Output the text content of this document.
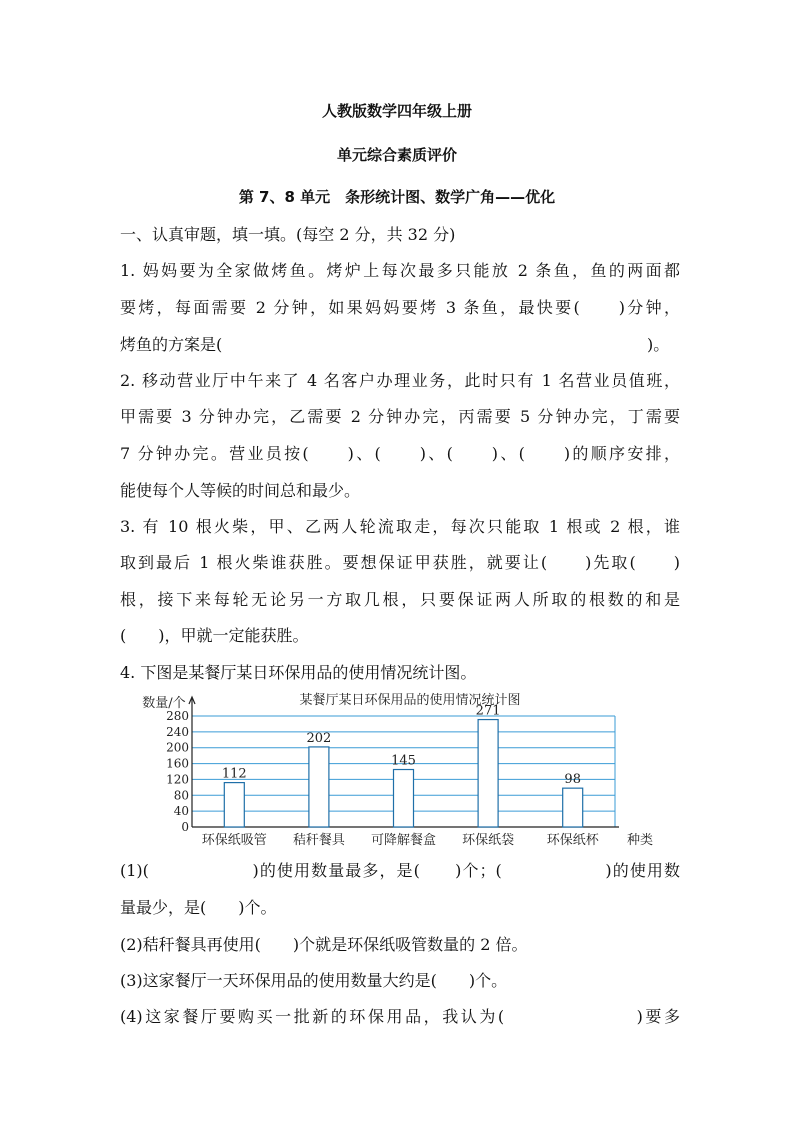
人教版数学四年级上册
单元综合素质评价
第 7、8 单元　条形统计图、数学广角——优化
一、认真审题，填一填。(每空 2 分，共 32 分)
1. 妈妈要为全家做烤鱼。烤炉上每次最多只能放 2 条鱼，鱼的两面都
要烤，每面需要 2 分钟，如果妈妈要烤 3 条鱼，最快要(　　)分钟，
烤鱼的方案是(	)。
2. 移动营业厅中午来了 4 名客户办理业务，此时只有 1 名营业员值班，
甲需要 3 分钟办完，乙需要 2 分钟办完，丙需要 5 分钟办完，丁需要
7 分钟办完。营业员按(　　)、(　　)、(　　)、(　　)的顺序安排，
能使每个人等候的时间总和最少。
3. 有 10 根火柴，甲、乙两人轮流取走，每次只能取 1 根或 2 根，谁
取到最后 1 根火柴谁获胜。要想保证甲获胜，就要让(　　)先取(　　)
根，接下来每轮无论另一方取几根，只要保证两人所取的根数的和是
(　　)，甲就一定能获胜。
4. 下图是某餐厅某日环保用品的使用情况统计图。
0
40
80
120
160
200
240
280
数量/个	某餐厅某日环保用品的使用情况统计图
112
环保纸吸管
202
秸秆餐具
145
可降解餐盒
271
环保纸袋
98
环保纸杯 种类
(1)(　　　　　　)的使用数量最多，是(　　)个；(　　　　　　)的使用数
量最少，是(　　)个。
(2)秸秆餐具再使用(　　)个就是环保纸吸管数量的 2 倍。
(3)这家餐厅一天环保用品的使用数量大约是(　　)个。
(4)这家餐厅要购买一批新的环保用品，我认为(　　　　　　　)要多
